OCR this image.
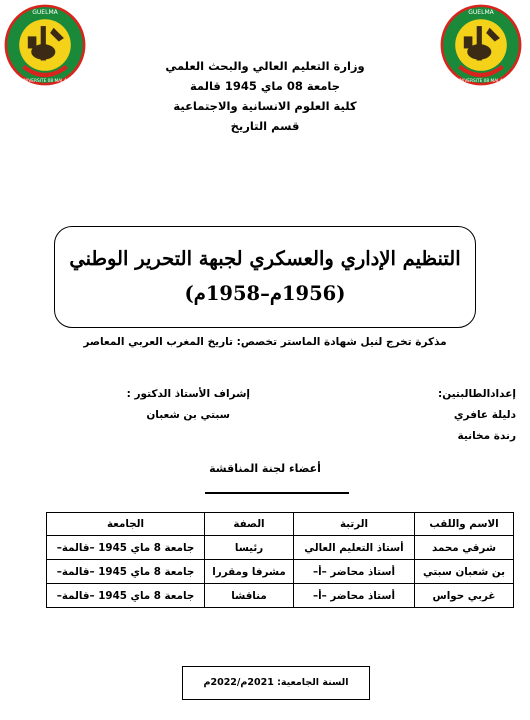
GUELMA
UNIVERSITE 08 MAI 45
GUELMA
UNIVERSITE 08 MAI 45
وزارة التعليم العالي والبحث العلمي
جامعة 08 ماي 1945 قالمة
كلية العلوم الانسانية والاجتماعية
قسم التاريخ
التنظيم الإداري والعسكري لجبهة التحرير الوطني
(1956م–1958م)
مذكرة تخرج لنيل شهادة الماستر تخصص: تاريخ المغرب العربي المعاصر
إعدادالطالبتين:
دليلة عافري
رندة مخانية
إشراف الأستاذ الدكتور :
سبتي بن شعبان
أعضاء لجنة المناقشة
الاسم واللقب	الرتبة	الصفة	الجامعة
شرقي محمد	أستاذ التعليم العالي	رئيسا	جامعة 8 ماي 1945 –قالمة–
بن شعبان سبتي	أستاذ محاضر –أ–	مشرفا ومقررا	جامعة 8 ماي 1945 –قالمة–
غربي حواس	أستاذ محاضر –أ–	مناقشا	جامعة 8 ماي 1945 –قالمة–
السنة الجامعية: 2021م/2022م
